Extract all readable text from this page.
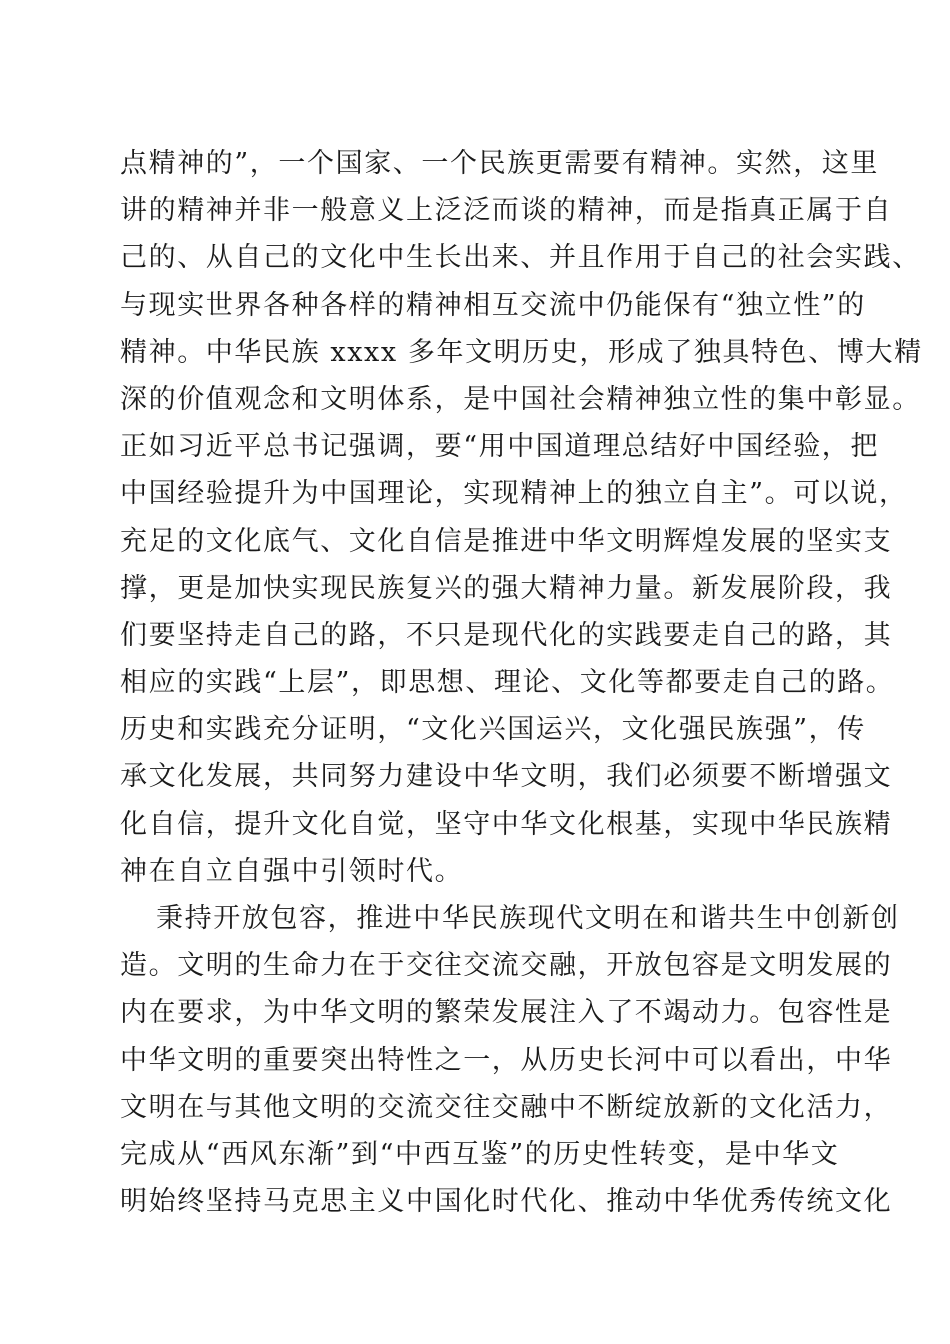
点精神的”，一个国家、一个民族更需要有精神。实然，这里
讲的精神并非一般意义上泛泛而谈的精神，而是指真正属于自
己的、从自己的文化中生长出来、并且作用于自己的社会实践、
与现实世界各种各样的精神相互交流中仍能保有“独立性”的
精神。中华民族 xxxx 多年文明历史，形成了独具特色、博大精
深的价值观念和文明体系，是中国社会精神独立性的集中彰显。
正如习近平总书记强调，要“用中国道理总结好中国经验，把
中国经验提升为中国理论，实现精神上的独立自主”。可以说，
充足的文化底气、文化自信是推进中华文明辉煌发展的坚实支
撑，更是加快实现民族复兴的强大精神力量。新发展阶段，我
们要坚持走自己的路，不只是现代化的实践要走自己的路，其
相应的实践“上层”，即思想、理论、文化等都要走自己的路。
历史和实践充分证明，“文化兴国运兴，文化强民族强”，传
承文化发展，共同努力建设中华文明，我们必须要不断增强文
化自信，提升文化自觉，坚守中华文化根基，实现中华民族精
神在自立自强中引领时代。
秉持开放包容，推进中华民族现代文明在和谐共生中创新创
造。文明的生命力在于交往交流交融，开放包容是文明发展的
内在要求，为中华文明的繁荣发展注入了不竭动力。包容性是
中华文明的重要突出特性之一，从历史长河中可以看出，中华
文明在与其他文明的交流交往交融中不断绽放新的文化活力，
完成从“西风东渐”到“中西互鉴”的历史性转变，是中华文
明始终坚持马克思主义中国化时代化、推动中华优秀传统文化
